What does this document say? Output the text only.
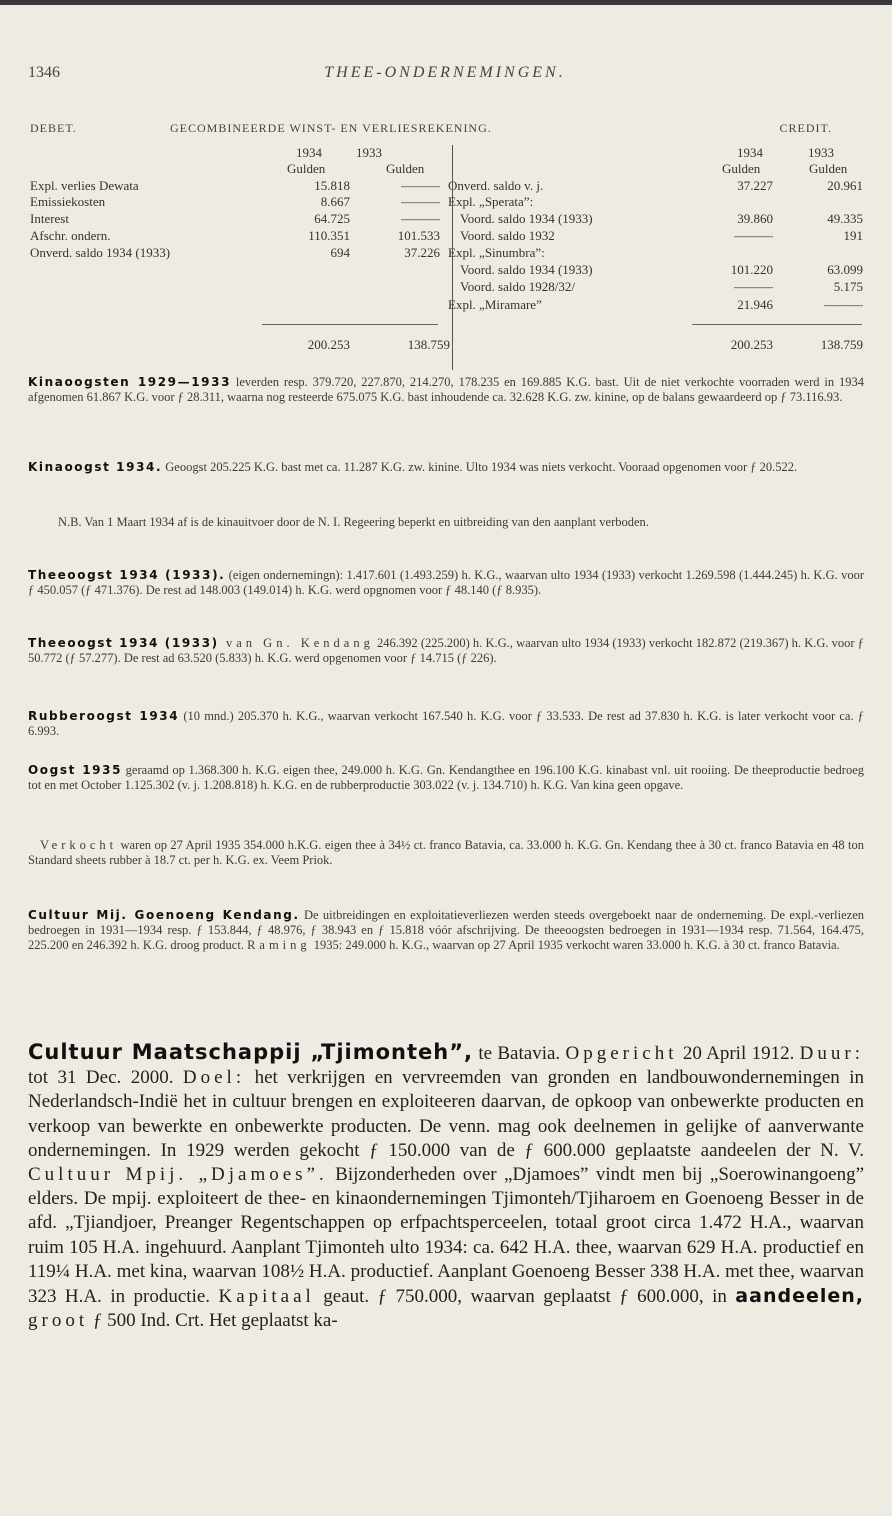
1346	THEE-ONDERNEMINGEN.
DEBET.	GECOMBINEERDE WINST- EN VERLIESREKENING.	CREDIT.
1934	1933
Gulden	Gulden
1934	1933
Gulden	Gulden
Expl. verlies Dewata	15.818	———
Emissiekosten	8.667	———
Interest	64.725	———
Afschr. ondern.	110.351	101.533
Onverd. saldo 1934 (1933)	694	37.226
200.253	138.759
Onverd. saldo v. j.	37.227	20.961
Expl. „Sperata”:
Voord. saldo 1934 (1933)	39.860	49.335
Voord. saldo 1932	———	191
Expl. „Sinumbra”:
Voord. saldo 1934 (1933)	101.220	63.099
Voord. saldo 1928/32/	———	5.175
Expl. „Miramare”	21.946	———
200.253	138.759
Kinaoogsten 1929—1933 leverden resp. 379.720, 227.870, 214.270, 178.235 en 169.885 K.G. bast. Uit de niet verkochte voorraden werd in 1934 afgenomen 61.867 K.G. voor ƒ 28.311, waarna nog resteerde 675.075 K.G. bast inhoudende ca. 32.628 K.G. zw. kinine, op de balans gewaardeerd op ƒ 73.116.93.
Kinaoogst 1934. Geoogst 205.225 K.G. bast met ca. 11.287 K.G. zw. kinine. Ulto 1934 was niets verkocht. Vooraad opgenomen voor ƒ 20.522.
N.B. Van 1 Maart 1934 af is de kinauitvoer door de N. I. Regeering beperkt en uitbreiding van den aanplant verboden.
Theeoogst 1934 (1933). (eigen ondernemingn): 1.417.601 (1.493.259) h. K.G., waarvan ulto 1934 (1933) verkocht 1.269.598 (1.444.245) h. K.G. voor ƒ 450.057 (ƒ 471.376). De rest ad 148.003 (149.014) h. K.G. werd opgnomen voor ƒ 48.140 (ƒ 8.935).
Theeoogst 1934 (1933) van Gn. Kendang 246.392 (225.200) h. K.G., waarvan ulto 1934 (1933) verkocht 182.872 (219.367) h. K.G. voor ƒ 50.772 (ƒ 57.277). De rest ad 63.520 (5.833) h. K.G. werd opgenomen voor ƒ 14.715 (ƒ 226).
Rubberoogst 1934 (10 mnd.) 205.370 h. K.G., waarvan verkocht 167.540 h. K.G. voor ƒ 33.533. De rest ad 37.830 h. K.G. is later verkocht voor ca. ƒ 6.993.
Oogst 1935 geraamd op 1.368.300 h. K.G. eigen thee, 249.000 h. K.G. Gn. Kendangthee en 196.100 K.G. kinabast vnl. uit rooiing. De theeproductie bedroeg tot en met October 1.125.302 (v. j. 1.208.818) h. K.G. en de rubberproductie 303.022 (v. j. 134.710) h. K.G. Van kina geen opgave.
Verkocht waren op 27 April 1935 354.000 h.K.G. eigen thee à 34½ ct. franco Batavia, ca. 33.000 h. K.G. Gn. Kendang thee à 30 ct. franco Batavia en 48 ton Standard sheets rubber à 18.7 ct. per h. K.G. ex. Veem Priok.
Cultuur Mij. Goenoeng Kendang. De uitbreidingen en exploitatieverliezen werden steeds overgeboekt naar de onderneming. De expl.-verliezen bedroegen in 1931—1934 resp. ƒ 153.844, ƒ 48.976, ƒ 38.943 en ƒ 15.818 vóór afschrijving. De theeoogsten bedroegen in 1931—1934 resp. 71.564, 164.475, 225.200 en 246.392 h. K.G. droog product. Raming 1935: 249.000 h. K.G., waarvan op 27 April 1935 verkocht waren 33.000 h. K.G. à 30 ct. franco Batavia.
Cultuur Maatschappij „Tjimonteh”, te Batavia. Opgericht 20 April 1912. Duur: tot 31 Dec. 2000. Doel: het verkrijgen en vervreemden van gronden en landbouwondernemingen in Nederlandsch-Indië het in cultuur brengen en exploiteeren daarvan, de opkoop van onbewerkte producten en verkoop van bewerkte en onbewerkte producten. De venn. mag ook deelnemen in gelijke of aanverwante ondernemingen. In 1929 werden gekocht ƒ 150.000 van de ƒ 600.000 geplaatste aandeelen der N. V. Cultuur Mpij. „Djamoes”. Bijzonderheden over „Djamoes” vindt men bij „Soerowinangoeng” elders. De mpij. exploiteert de thee- en kinaondernemingen Tjimonteh/Tjiharoem en Goenoeng Besser in de afd. „Tjiandjoer, Preanger Regentschappen op erfpachtsperceelen, totaal groot circa 1.472 H.A., waarvan ruim 105 H.A. ingehuurd. Aanplant Tjimonteh ulto 1934: ca. 642 H.A. thee, waarvan 629 H.A. productief en 119¼ H.A. met kina, waarvan 108½ H.A. productief. Aanplant Goenoeng Besser 338 H.A. met thee, waarvan 323 H.A. in productie. Kapitaal geaut. ƒ 750.000, waarvan geplaatst ƒ 600.000, in aandeelen, groot ƒ 500 Ind. Crt. Het geplaatst ka-
